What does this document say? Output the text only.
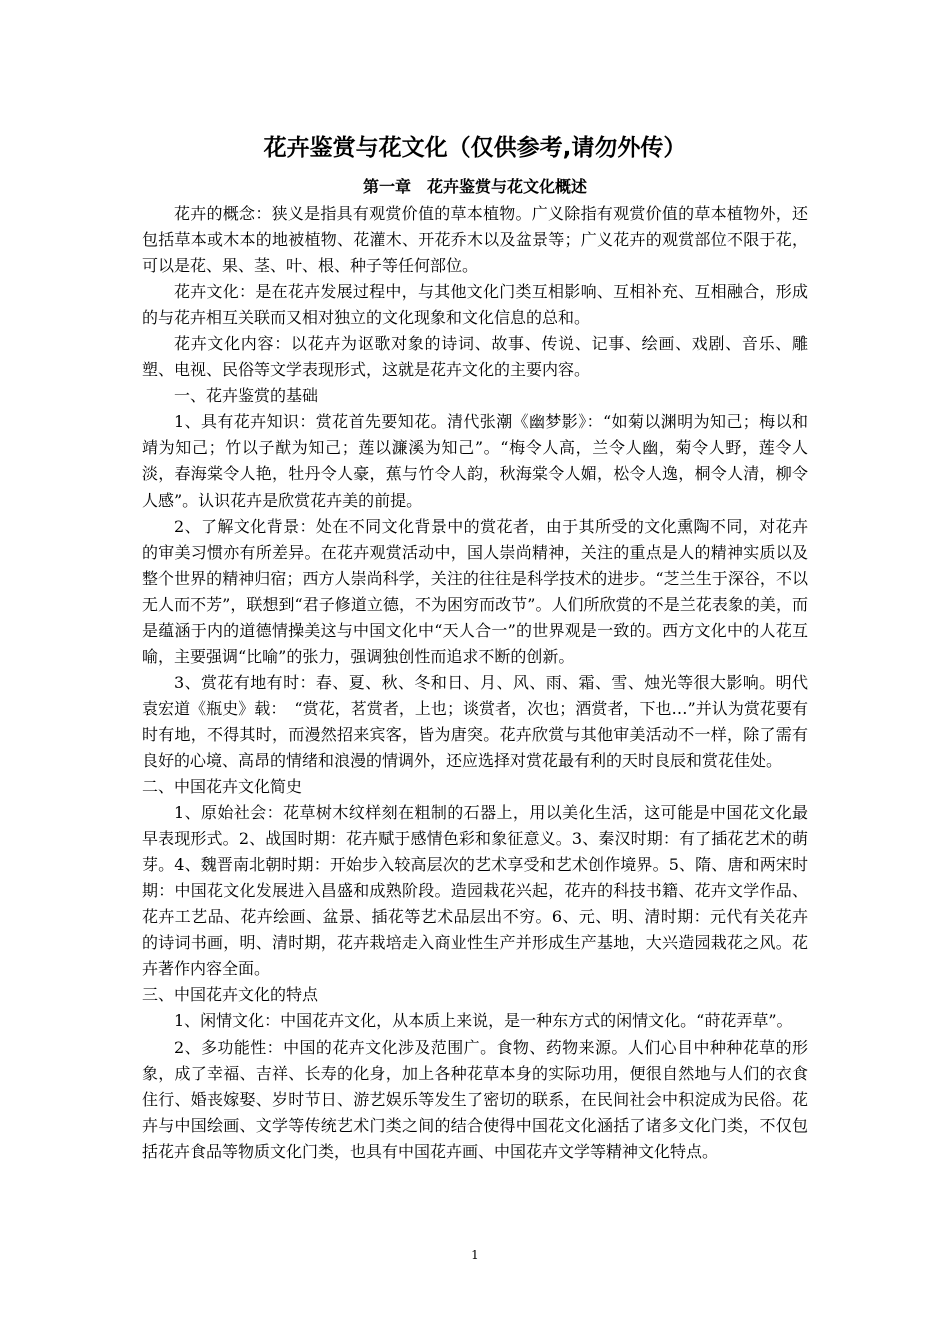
花卉鉴赏与花文化（仅供参考,请勿外传）
第一章　花卉鉴赏与花文化概述

花卉的概念：狭义是指具有观赏价值的草本植物。广义除指有观赏价值的草本植物外，还包括草本或木本的地被植物、花灌木、开花乔木以及盆景等；广义花卉的观赏部位不限于花，可以是花、果、茎、叶、根、种子等任何部位。

花卉文化：是在花卉发展过程中，与其他文化门类互相影响、互相补充、互相融合，形成的与花卉相互关联而又相对独立的文化现象和文化信息的总和。

花卉文化内容：以花卉为讴歌对象的诗词、故事、传说、记事、绘画、戏剧、音乐、雕塑、电视、民俗等文学表现形式，这就是花卉文化的主要内容。

一、花卉鉴赏的基础

1、具有花卉知识：赏花首先要知花。清代张潮《幽梦影》：“如菊以渊明为知己；梅以和靖为知己；竹以子猷为知己；莲以濂溪为知己”。“梅令人高，兰令人幽，菊令人野，莲令人淡，春海棠令人艳，牡丹令人豪，蕉与竹令人韵，秋海棠令人媚，松令人逸，桐令人清，柳令人感”。认识花卉是欣赏花卉美的前提。

2、了解文化背景：处在不同文化背景中的赏花者，由于其所受的文化熏陶不同，对花卉的审美习惯亦有所差异。在花卉观赏活动中，国人崇尚精神，关注的重点是人的精神实质以及整个世界的精神归宿；西方人崇尚科学，关注的往往是科学技术的进步。“芝兰生于深谷，不以无人而不芳”，联想到“君子修道立德，不为困穷而改节”。人们所欣赏的不是兰花表象的美，而是蕴涵于内的道德情操美这与中国文化中“天人合一”的世界观是一致的。西方文化中的人花互喻，主要强调“比喻”的张力，强调独创性而追求不断的创新。

3、赏花有地有时：春、夏、秋、冬和日、月、风、雨、霜、雪、烛光等很大影响。明代袁宏道《瓶史》载：　“赏花，茗赏者，上也；谈赏者，次也；酒赏者，下也…”并认为赏花要有时有地，不得其时，而漫然招来宾客，皆为唐突。花卉欣赏与其他审美活动不一样，除了需有良好的心境、高昂的情绪和浪漫的情调外，还应选择对赏花最有利的天时良辰和赏花佳处。

二、中国花卉文化简史

1、原始社会：花草树木纹样刻在粗制的石器上，用以美化生活，这可能是中国花文化最早表现形式。2、战国时期：花卉赋于感情色彩和象征意义。3、秦汉时期：有了插花艺术的萌芽。4、魏晋南北朝时期：开始步入较高层次的艺术享受和艺术创作境界。5、隋、唐和两宋时期：中国花文化发展进入昌盛和成熟阶段。造园栽花兴起，花卉的科技书籍、花卉文学作品、花卉工艺品、花卉绘画、盆景、插花等艺术品层出不穷。6、元、明、清时期：元代有关花卉的诗词书画，明、清时期，花卉栽培走入商业性生产并形成生产基地，大兴造园栽花之风。花卉著作内容全面。

三、中国花卉文化的特点

1、闲情文化：中国花卉文化，从本质上来说，是一种东方式的闲情文化。“莳花弄草”。

2、多功能性：中国的花卉文化涉及范围广。食物、药物来源。人们心目中种种花草的形象，成了幸福、吉祥、长寿的化身，加上各种花草本身的实际功用，便很自然地与人们的衣食住行、婚丧嫁娶、岁时节日、游艺娱乐等发生了密切的联系，在民间社会中积淀成为民俗。花卉与中国绘画、文学等传统艺术门类之间的结合使得中国花文化涵括了诸多文化门类，不仅包括花卉食品等物质文化门类，也具有中国花卉画、中国花卉文学等精神文化特点。

1
